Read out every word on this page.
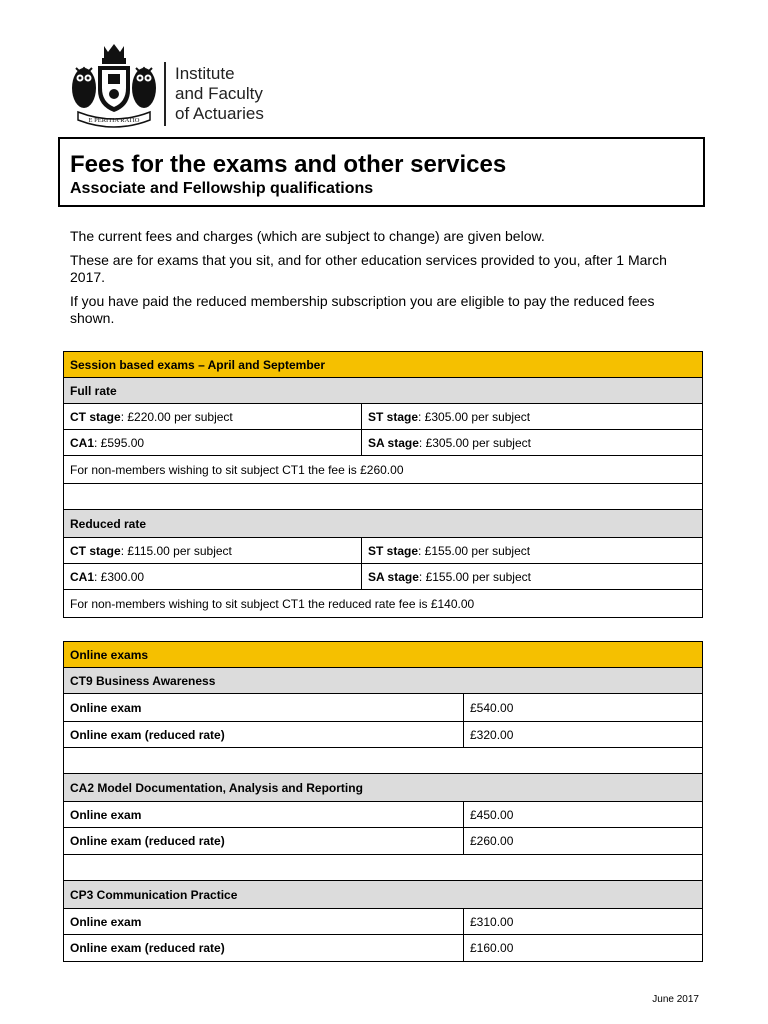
E PERITIA RATIO
Institute
and Faculty
of Actuaries
Fees for the exams and other services
Associate and Fellowship qualifications

The current fees and charges (which are subject to change) are given below.

These are for exams that you sit, and for other education services provided to you, after 1 March 2017.

If you have paid the reduced membership subscription you are eligible to pay the reduced fees shown.

Session based exams – April and September	
Full rate	
CT stage: £220.00 per subject	ST stage: £305.00 per subject
CA1: £595.00	SA stage: £305.00 per subject
For non-members wishing to sit subject CT1 the fee is £260.00	

Reduced rate	
CT stage: £115.00 per subject	ST stage: £155.00 per subject
CA1: £300.00	SA stage: £155.00 per subject
For non-members wishing to sit subject CT1 the reduced rate fee is £140.00	
Online exams	
CT9 Business Awareness	
Online exam	£540.00
Online exam (reduced rate)	£320.00

CA2 Model Documentation, Analysis and Reporting	
Online exam	£450.00
Online exam (reduced rate)	£260.00

CP3 Communication Practice	
Online exam	£310.00
Online exam (reduced rate)	£160.00
June 2017
